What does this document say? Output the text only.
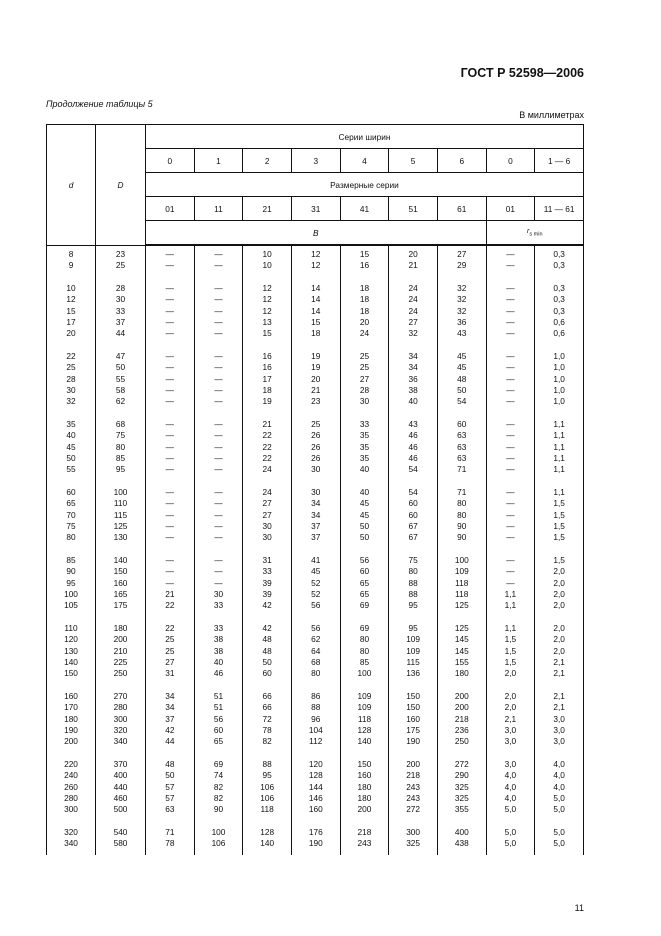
ГОСТ Р 52598—2006
Продолжение таблицы 5
В миллиметрах
d	D	Серии ширин								
		0	1	2	3	4	5	6	0	1 — 6
		Размерные серии								
		01	11	21	31	41	51	61	01	11 — 61
		B							$r_{s min}$

8	23	—	—	10	12	15	20	27	—	0,3
9	25	—	—	10	12	16	21	29	—	0,3

10	28	—	—	12	14	18	24	32	—	0,3
12	30	—	—	12	14	18	24	32	—	0,3
15	33	—	—	12	14	18	24	32	—	0,3
17	37	—	—	13	15	20	27	36	—	0,6
20	44	—	—	15	18	24	32	43	—	0,6

22	47	—	—	16	19	25	34	45	—	1,0
25	50	—	—	16	19	25	34	45	—	1,0
28	55	—	—	17	20	27	36	48	—	1,0
30	58	—	—	18	21	28	38	50	—	1,0
32	62	—	—	19	23	30	40	54	—	1,0

35	68	—	—	21	25	33	43	60	—	1,1
40	75	—	—	22	26	35	46	63	—	1,1
45	80	—	—	22	26	35	46	63	—	1,1
50	85	—	—	22	26	35	46	63	—	1,1
55	95	—	—	24	30	40	54	71	—	1,1

60	100	—	—	24	30	40	54	71	—	1,1
65	110	—	—	27	34	45	60	80	—	1,5
70	115	—	—	27	34	45	60	80	—	1,5
75	125	—	—	30	37	50	67	90	—	1,5
80	130	—	—	30	37	50	67	90	—	1,5

85	140	—	—	31	41	56	75	100	—	1,5
90	150	—	—	33	45	60	80	109	—	2,0
95	160	—	—	39	52	65	88	118	—	2,0
100	165	21	30	39	52	65	88	118	1,1	2,0
105	175	22	33	42	56	69	95	125	1,1	2,0

110	180	22	33	42	56	69	95	125	1,1	2,0
120	200	25	38	48	62	80	109	145	1,5	2,0
130	210	25	38	48	64	80	109	145	1,5	2,0
140	225	27	40	50	68	85	115	155	1,5	2,1
150	250	31	46	60	80	100	136	180	2,0	2,1

160	270	34	51	66	86	109	150	200	2,0	2,1
170	280	34	51	66	88	109	150	200	2,0	2,1
180	300	37	56	72	96	118	160	218	2,1	3,0
190	320	42	60	78	104	128	175	236	3,0	3,0
200	340	44	65	82	112	140	190	250	3,0	3,0

220	370	48	69	88	120	150	200	272	3,0	4,0
240	400	50	74	95	128	160	218	290	4,0	4,0
260	440	57	82	106	144	180	243	325	4,0	4,0
280	460	57	82	106	146	180	243	325	4,0	5,0
300	500	63	90	118	160	200	272	355	5,0	5,0

320	540	71	100	128	176	218	300	400	5,0	5,0
340	580	78	106	140	190	243	325	438	5,0	5,0

11
